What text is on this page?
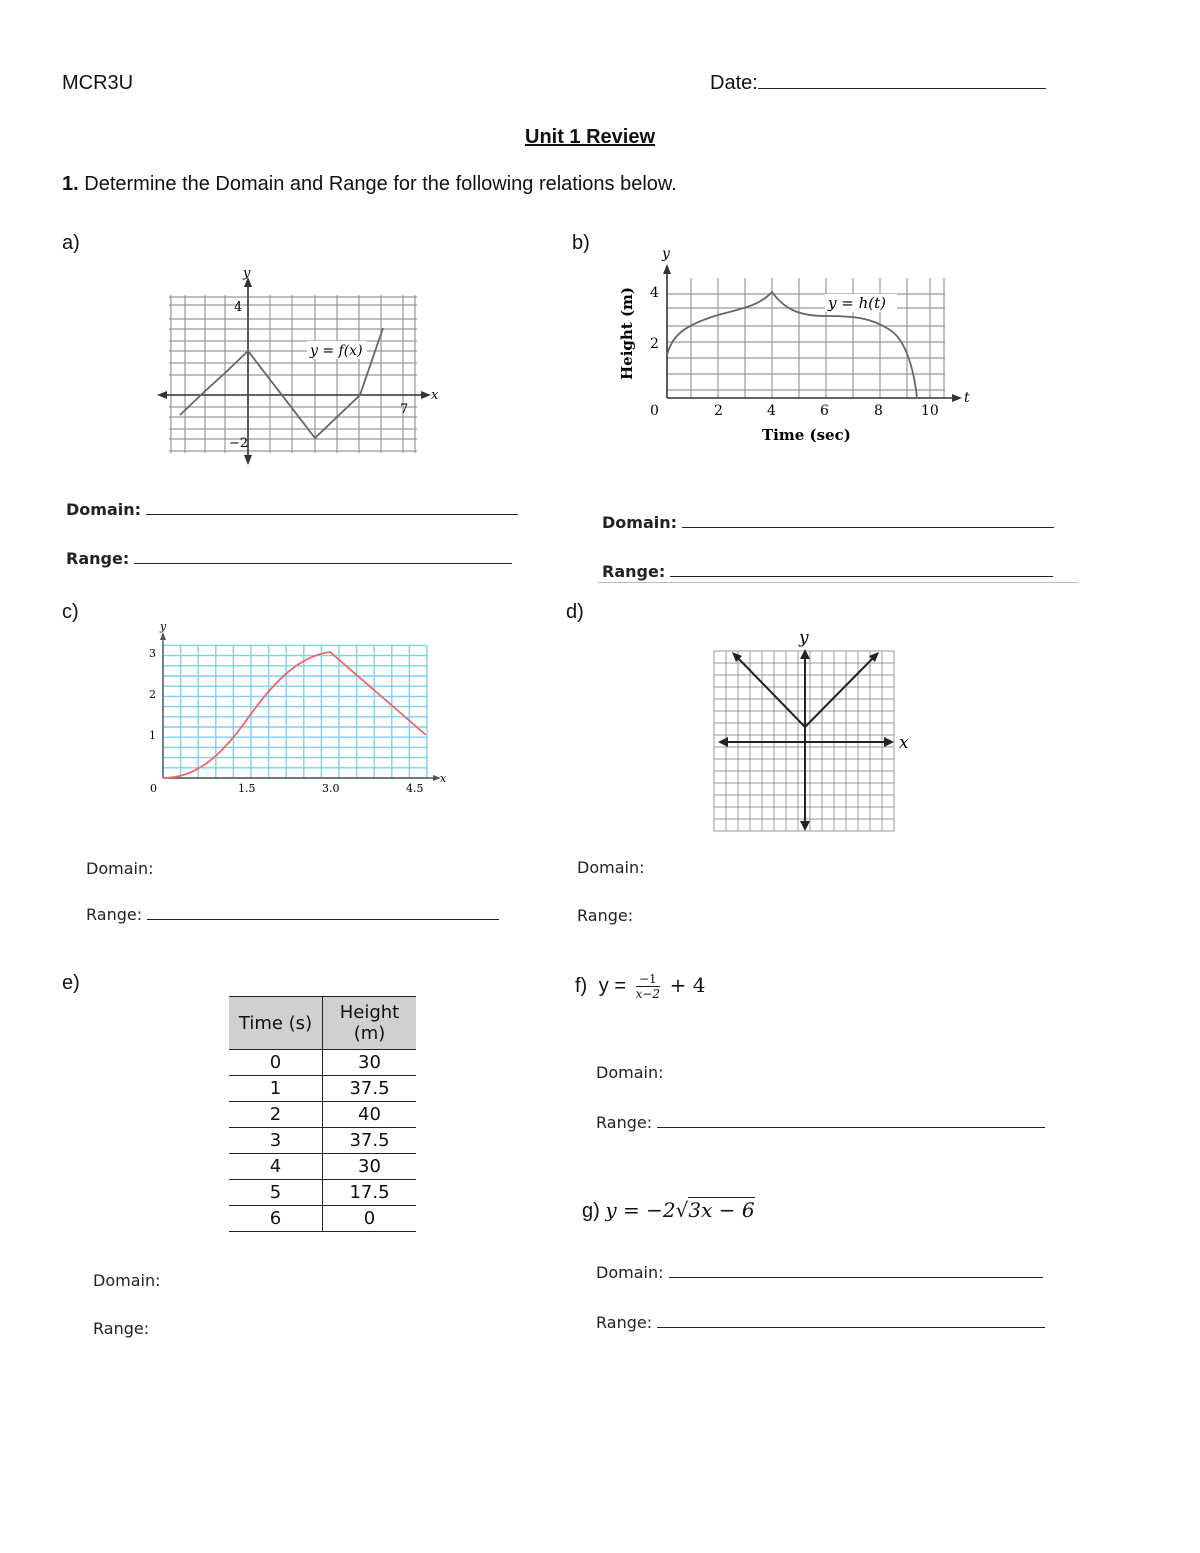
MCR3U	Date:
Unit 1 Review
1. Determine the Domain and Range for the following relations below.
a)	b)
c)	d)
e)
y
x
4
−2
7
y = f(x)
y
t
4
2
0	2	4	6	8	10
Time (sec)
Height (m)	y = h(t)
Domain:
Range:
Domain:
Range:
y
x
3
2
1
0	1.5	3.0	4.5
y
x
Domain:
Range:
Domain:
Range:
Time (s)	Height (m)
0	30
1	37.5
2	40
3	37.5
4	30
5	17.5
6	0
Domain:
Range:
f) $y = \frac{-1}{x-2} + 4$
Domain:
Range:
g) y = −2√3x − 6
Domain:
Range:
